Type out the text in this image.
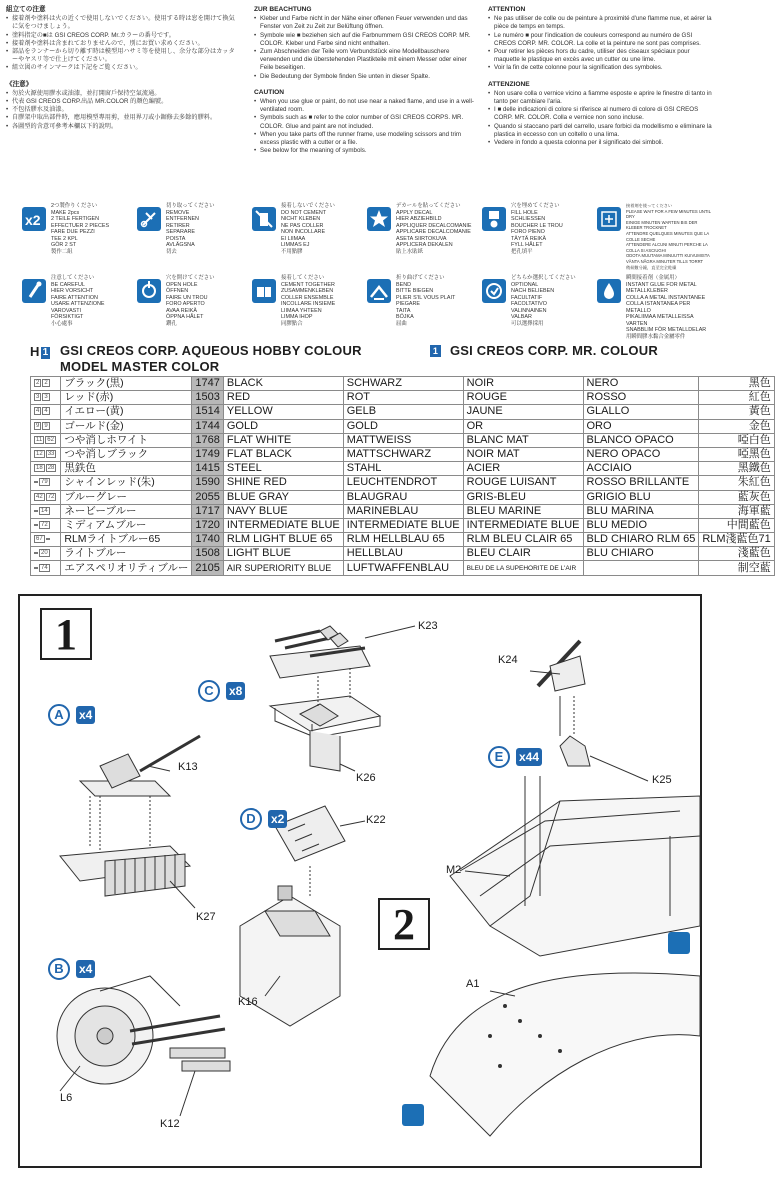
組立ての注意
• 接着剤や塗料は火の近くで使用しないでください。使用する時は窓を開けて換気に気をつけましょう。
• 塗料指定の■は GSI CREOS CORP. Mr.カラーの番号です。
• 接着剤や塗料は含まれておりませんので、別にお買い求めください。
• 部品をランナーから切り離す時は模型用ハサミ等を使用し、余分な部分はカッターやヤスリ等で仕上げてください。
• 組立図のサインマークは下記をご覧ください。
《注意》
• 勿於火源使用膠水或油漆，並打開窗戶保持空氣流通。
• 代表 GSI CREOS CORP.出品 MR.COLOR 的顏色編號。
• 不包括膠水及油漆。
• 自膠架中取出部件時，應用模型專用剪，並用界刀或小鋸修去多餘的膠料。
• 各圖型的含意可參考本欄以下的說明。
ZUR BEACHTUNG
• Kleber und Farbe nicht in der Nähe einer offenen Feuer verwenden und das Fenster von Zeit zu Zeit zur Belüftung öffnen.
• Symbole wie ■ beziehen sich auf die Farbnummern GSI CREOS CORP. MR. COLOR. Kleber und Farbe sind nicht enthalten.
• Zum Abschneiden der Teile vom Verbundstück eine Modellbauschere verwenden und die überstehenden Plastikteile mit einem Messer oder einer Feile beseitigen.
• Die Bedeutung der Symbole finden Sie unten in dieser Spalte.
CAUTION
• When you use glue or paint, do not use near a naked flame, and use in a well-ventilated room.
• Symbols such as ■ refer to the color number of GSI CREOS CORPS. MR. COLOR. Glue and paint are not included.
• When you take parts off the runner frame, use modeling scissors and trim excess plastic with a cutter or a file.
• See below for the meaning of symbols.
ATTENTION
• Ne pas utiliser de colle ou de peinture à proximité d'une flamme nue, et aérer la pièce de temps en temps.
• Le numéro ■ pour l'indication de couleurs correspond au numéro de GSI CREOS CORP. MR. COLOR. La colle et la peinture ne sont pas comprises.
• Pour retirer les pièces hors du cadre, utiliser des ciseaux spéciaux pour maquette le plastique en excès avec un cutter ou une lime.
• Voir la fin de cette colonne pour la signification des symboles.
ATTENZIONE
• Non usare colla o vernice vicino a fiamme esposte e aprire le finestre di tanto in tanto per cambiare l'aria.
• I ■ delle indicazioni di colore si riferisce al numero di colore di GSI CREOS CORP. MR. COLOR. Colla e vernice non sono incluse.
• Quando si staccano parti del carrello, usare forbici da modellismo e eliminare la plastica in eccesso con un coltello o una lima.
• Vedere in fondo a questa colonna per il significato dei simboli.
x2
2つ製作りください
MAKE 2pcs
2 TEILE FERTIGEN
EFFECTUER 2 PIECES
FARE DUE PEZZI
TEE 2 KPL
GÖR 2 ST
製作二組
切り取ってください
REMOVE
ENTFERNEN
RETIRER
SEPARARE
POISTA
AVLÄGSNA
切去
接着しないでください
DO NOT CEMENT
NICHT KLEBEN
NE PAS COLLER
NON INCOLLARE
EI LIIMAA
LIMMAS EJ
不用點膠
デカールを貼ってください
APPLY DECAL
HIER ABZIEHBILD
APPLIQUER DECALCOMANIE
APPLICARE DECALCOMANIE
ASETA SIIRTOKUVA
APPLICERA DEKALEN
貼上水貼紙
穴を埋めてください
FILL HOLE
SCHLIESSEN
BOUCHER LE TROU
FORO PIENO
TÄYTÄ REIKÄ
FYLL HÅLET
把孔填平
接着剤を使ってください
PLEASE WAIT FOR A FEW MINUTES UNTIL DRY
EINIGE MINUTEN WARTEN BIS DER KLEBER TROCKNET
ATTENDRE QUELQUES MINUTES QUE LA COLLE SECHE
ATTENDERE ALCUNI MINUTI PERCHE LA COLLA SI ASCIUGHI
ODOTA MUUTAMA MINUUTTI KUIVUMISTA
VÄNTA NÅGRA MINUTER TILLS TORRT
稍候數分鐘，直至完全乾燥
注意してください
BE CAREFUL
HIER VORSICHT
FAIRE ATTENTION
USARE ATTENZIONE
VAROVASTI
FÖRSIKTIGT
小心處事
穴を開けてください
OPEN HOLE
ÖFFNEN
FAIRE UN TROU
FORO APERTO
AVAA REIKÄ
ÖPPNA HÅLET
鑽孔
接着してください
CEMENT TOGETHER
ZUSAMMENKLEBEN
COLLER ENSEMBLE
INCOLLARE INSIEME
LIIMAA YHTEEN
LIMMA IHOP
同膠點合
折り曲げてください
BEND
BITTE BIEGEN
PLIER S'IL VOUS PLAIT
PIEGARE
TAITA
BÖJKA
屈曲
どちらか選択してください
OPTIONAL
NACH BELIEBEN
FACULTATIF
FACOLTATIVO
VALINNAINEN
VALBAR
可以選擇採用
瞬間接着剤（金属用）
INSTANT GLUE FOR METAL
METALLKLEBER
COLLA A METAL INSTANTANEE
COLLA ISTANTANEA PER METALLO
PIKALIIMAA METALLEISSA VARTEN
SNABBLIM FÖR METALLDELAR
用瞬間膠水黏合金屬零件
H 1 GSI CREOS CORP. AQUEOUS HOBBY COLOUR	1 GSI CREOS CORP. MR. COLOUR
MODEL MASTER COLOR
2 2	ブラック(黒)	1747	BLACK	SCHWARZ	NOIR	NERO	黑色
3 3	レッド(赤)	1503	RED	ROT	ROUGE	ROSSO	紅色
4 4	イエロー(黄)	1514	YELLOW	GELB	JAUNE	GLALLO	黃色
9 9	ゴールド(金)	1744	GOLD	GOLD	OR	ORO	金色
11 62	つや消しホワイト	1768	FLAT WHITE	MATTWEISS	BLANC MAT	BLANCO OPACO	啞白色
12 33	つや消しブラック	1749	FLAT BLACK	MATTSCHWARZ	NOIR MAT	NERO OPACO	啞黑色
18 28	黒鉄色	1415	STEEL	STAHL	ACIER	ACCIAIO	黑鐵色
79	シャインレッド(朱)	1590	SHINE RED	LEUCHTENDROT	ROUGE LUISANT	ROSSO BRILLANTE	朱紅色
42 72	ブルーグレー	2055	BLUE GRAY	BLAUGRAU	GRIS-BLEU	GRIGIO BLU	藍灰色
14	ネービーブルー	1717	NAVY BLUE	MARINEBLAU	BLEU MARINE	BLU MARINA	海軍藍
72	ミディアムブルー	1720	INTERMEDIATE BLUE	INTERMEDIATE BLUE	INTERMEDIATE BLUE	BLU MEDIO	中間藍色
67	RLMライトブルー65	1740	RLM LIGHT BLUE 65	RLM HELLBLAU 65	RLM BLEU CLAIR 65	BLD CHIARO RLM 65	RLM淺藍色71
20	ライトブルー	1508	LIGHT BLUE	HELLBLAU	BLEU CLAIR	BLU CHIARO	淺藍色
74	エアスペリオリティブルー	2105	AIR SUPERIORITY BLUE	LUFTWAFFENBLAU	BLEU DE LA SUPEHORITE DE L'AIR		制空藍
1
2
A	x4
B	x4
C	x8
D	x2
E	x44
K13
K27
L6
K12
K23
K26
K22
K16
K24
K25
M2
A1
